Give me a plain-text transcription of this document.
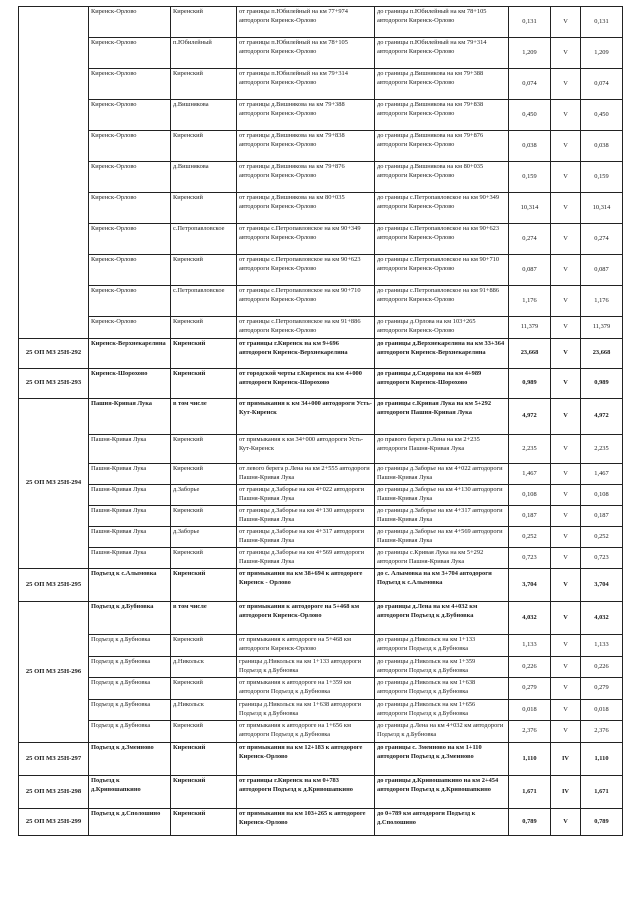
	Киренск-Орлово	Киренский	от границы п.Юбилейный на км 77+974 автодороги Киренск-Орлово	до границы п.Юбилейный на км 78+105 автодороги Киренск-Орлово	0,131	V	0,131
	Киренск-Орлово	п.Юбилейный	от границы п.Юбилейный на км 78+105 автодороги Киренск-Орлово	до границы п.Юбилейный на км 79+314 автодороги Киренск-Орлово	1,209	V	1,209
	Киренск-Орлово	Киренский	от границы п.Юбилейный на км 79+314 автодороги Киренск-Орлово	до границы д.Вишнякова на км 79+388 автодороги Киренск-Орлово	0,074	V	0,074
	Киренск-Орлово	д.Вишнякова	от границы д.Вишнякова на км 79+388 автодороги Киренск-Орлово	до границы д.Вишнякова на км 79+838 автодороги Киренск-Орлово	0,450	V	0,450
	Киренск-Орлово	Киренский	от границы д.Вишнякова на км 79+838 автодороги Киренск-Орлово	до границы д.Вишнякова на км 79+876 автодороги Киренск-Орлово	0,038	V	0,038
	Киренск-Орлово	д.Вишнякова	от границы д.Вишнякова на км 79+876 автодороги Киренск-Орлово	до границы д.Вишнякова на км 80+035 автодороги Киренск-Орлово	0,159	V	0,159
	Киренск-Орлово	Киренский	от границы д.Вишнякова на км 80+035 автодороги Киренск-Орлово	до границы с.Петропавловское на км 90+349 автодороги Киренск-Орлово	10,314	V	10,314
	Киренск-Орлово	с.Петропавловское	от границы с.Петропавловское на км 90+349 автодороги Киренск-Орлово	до границы с.Петропавловское на км 90+623 автодороги Киренск-Орлово	0,274	V	0,274
	Киренск-Орлово	Киренский	от границы с.Петропавловское на км 90+623 автодороги Киренск-Орлово	до границы с.Петропавловское на км 90+710 автодороги Киренск-Орлово	0,087	V	0,087
	Киренск-Орлово	с.Петропавловское	от границы с.Петропавловское на км 90+710 автодороги Киренск-Орлово	до границы с.Петропавловское на км 91+886 автодороги Киренск-Орлово	1,176	V	1,176
	Киренск-Орлово	Киренский	от границы с.Петропавловское на км 91+886 автодороги Киренск-Орлово	до границы д.Орлова на км 103+265 автодороги Киренск-Орлово	11,379	V	11,379
25 ОП МЗ 25Н-292	Киренск-Верхнекарелина	Киренский	от границы г.Киренск на км 9+696 автодороги Киренск-Верхнекарелина	до границы д.Верхнекарелина на км 33+364 автодороги Киренск-Верхнекарелина	23,668	V	23,668
25 ОП МЗ 25Н-293	Киренск-Шорохово	Киренский	от городской черты г.Киренск на км 4+000 автодороги Киренск-Шорохово	до границы д.Сидорова на км 4+989 автодороги Киренск-Шорохово	0,989	V	0,989
25 ОП МЗ 25Н-294	Пашня-Кривая Лука	в том числе	от примыкания к км 34+000 автодороги Усть-Кут-Киренск	до границы с.Кривая Лука на км 5+292 автодороги Пашня-Кривая Лука	4,972	V	4,972
	Пашня-Кривая Лука	Киренский	от примыкания к км 34+000 автодороги Усть-Кут-Киренск	до правого берега р.Лена на км 2+235 автодороги Пашня-Кривая Лука	2,235	V	2,235
	Пашня-Кривая Лука	Киренский	от левого берега р.Лена на км 2+555 автодороги Пашня-Кривая Лука	до границы д.Заборье на км 4+022 автодороги Пашня-Кривая Лука	1,467	V	1,467
	Пашня-Кривая Лука	д.Заборье	от границы д.Заборье на км 4+022 автодороги Пашня-Кривая Лука	до границы д.Заборье на км 4+130 автодороги Пашня-Кривая Лука	0,108	V	0,108
	Пашня-Кривая Лука	Киренский	от границы д.Заборье на км 4+130 автодороги Пашня-Кривая Лука	до границы д.Заборье на км 4+317 автодороги Пашня-Кривая Лука	0,187	V	0,187
	Пашня-Кривая Лука	д.Заборье	от границы д.Заборье на км 4+317 автодороги Пашня-Кривая Лука	до границы д.Заборье на км 4+569 автодороги Пашня-Кривая Лука	0,252	V	0,252
	Пашня-Кривая Лука	Киренский	от границы д.Заборье на км 4+569 автодороги Пашня-Кривая Лука	до границы с.Кривая Лука на км 5+292 автодороги Пашня-Кривая Лука	0,723	V	0,723
25 ОП МЗ 25Н-295	Подъезд к с.Алымовка	Киренский	от примыкания на км 38+694 к автодороге Киренск - Орлово	до с. Алымовка на км 3+704 автодороги Подъезд к с.Алымовка	3,704	V	3,704
25 ОП МЗ 25Н-296	Подъезд к д.Бубновка	в том числе	от примыкания к автодороге на 5+468 км автодороги Киренск-Орлово	до границы д.Лена на км 4+032 км автодороги Подъезд к д.Бубновка	4,032	V	4,032
	Подъезд к д.Бубновка	Киренский	от примыкания к автодороге на 5+468 км автодороги Киренск-Орлово	до границы д.Никольск на км 1+133 автодороги Подъезд к д.Бубновка	1,133	V	1,133
	Подъезд к д.Бубновка	д.Никольск	границы д.Никольск на км 1+133 автодороги Подъезд к д.Бубновка	до границы д.Никольск на км 1+359 автодороги Подъезд к д.Бубновка	0,226	V	0,226
	Подъезд к д.Бубновка	Киренский	от примыкания к автодороге на 1+359 км автодороги Подъезд к д.Бубновка	до границы д.Никольск на км 1+638 автодороги Подъезд к д.Бубновка	0,279	V	0,279
	Подъезд к д.Бубновка	д.Никольск	границы д.Никольск на км 1+638 автодороги Подъезд к д.Бубновка	до границы д.Никольск на км 1+656 автодороги Подъезд к д.Бубновка	0,018	V	0,018
	Подъезд к д.Бубновка	Киренский	от примыкания к автодороге на 1+656 км автодороги Подъезд к д.Бубновка	до границы д.Лена на км 4+032 км автодороги Подъезд к д.Бубновка	2,376	V	2,376
25 ОП МЗ 25Н-297	Подъезд к д.Змеиново	Киренский	от примыкания на км 12+183 к автодороге Киренск-Орлово	до границы с. Змеиново на км 1+110 автодороги Подъезд к д.Змеиново	1,110	IV	1,110
25 ОП МЗ 25Н-298	Подъезд к д.Кривошапкино	Киренский	от границы г.Киренск на км 0+783 автодороги Подъезд к д.Кривошапкино	до границы д.Кривошапкино на км 2+454 автодороги Подъезд к д.Кривошапкино	1,671	IV	1,671
25 ОП МЗ 25Н-299	Подъезд к д.Сполошино	Киренский	от примыкания на км 103+265 к автодороге Киренск-Орлово	до 0+789 км автодороги Подъезд к д.Сполошино	0,789	V	0,789
